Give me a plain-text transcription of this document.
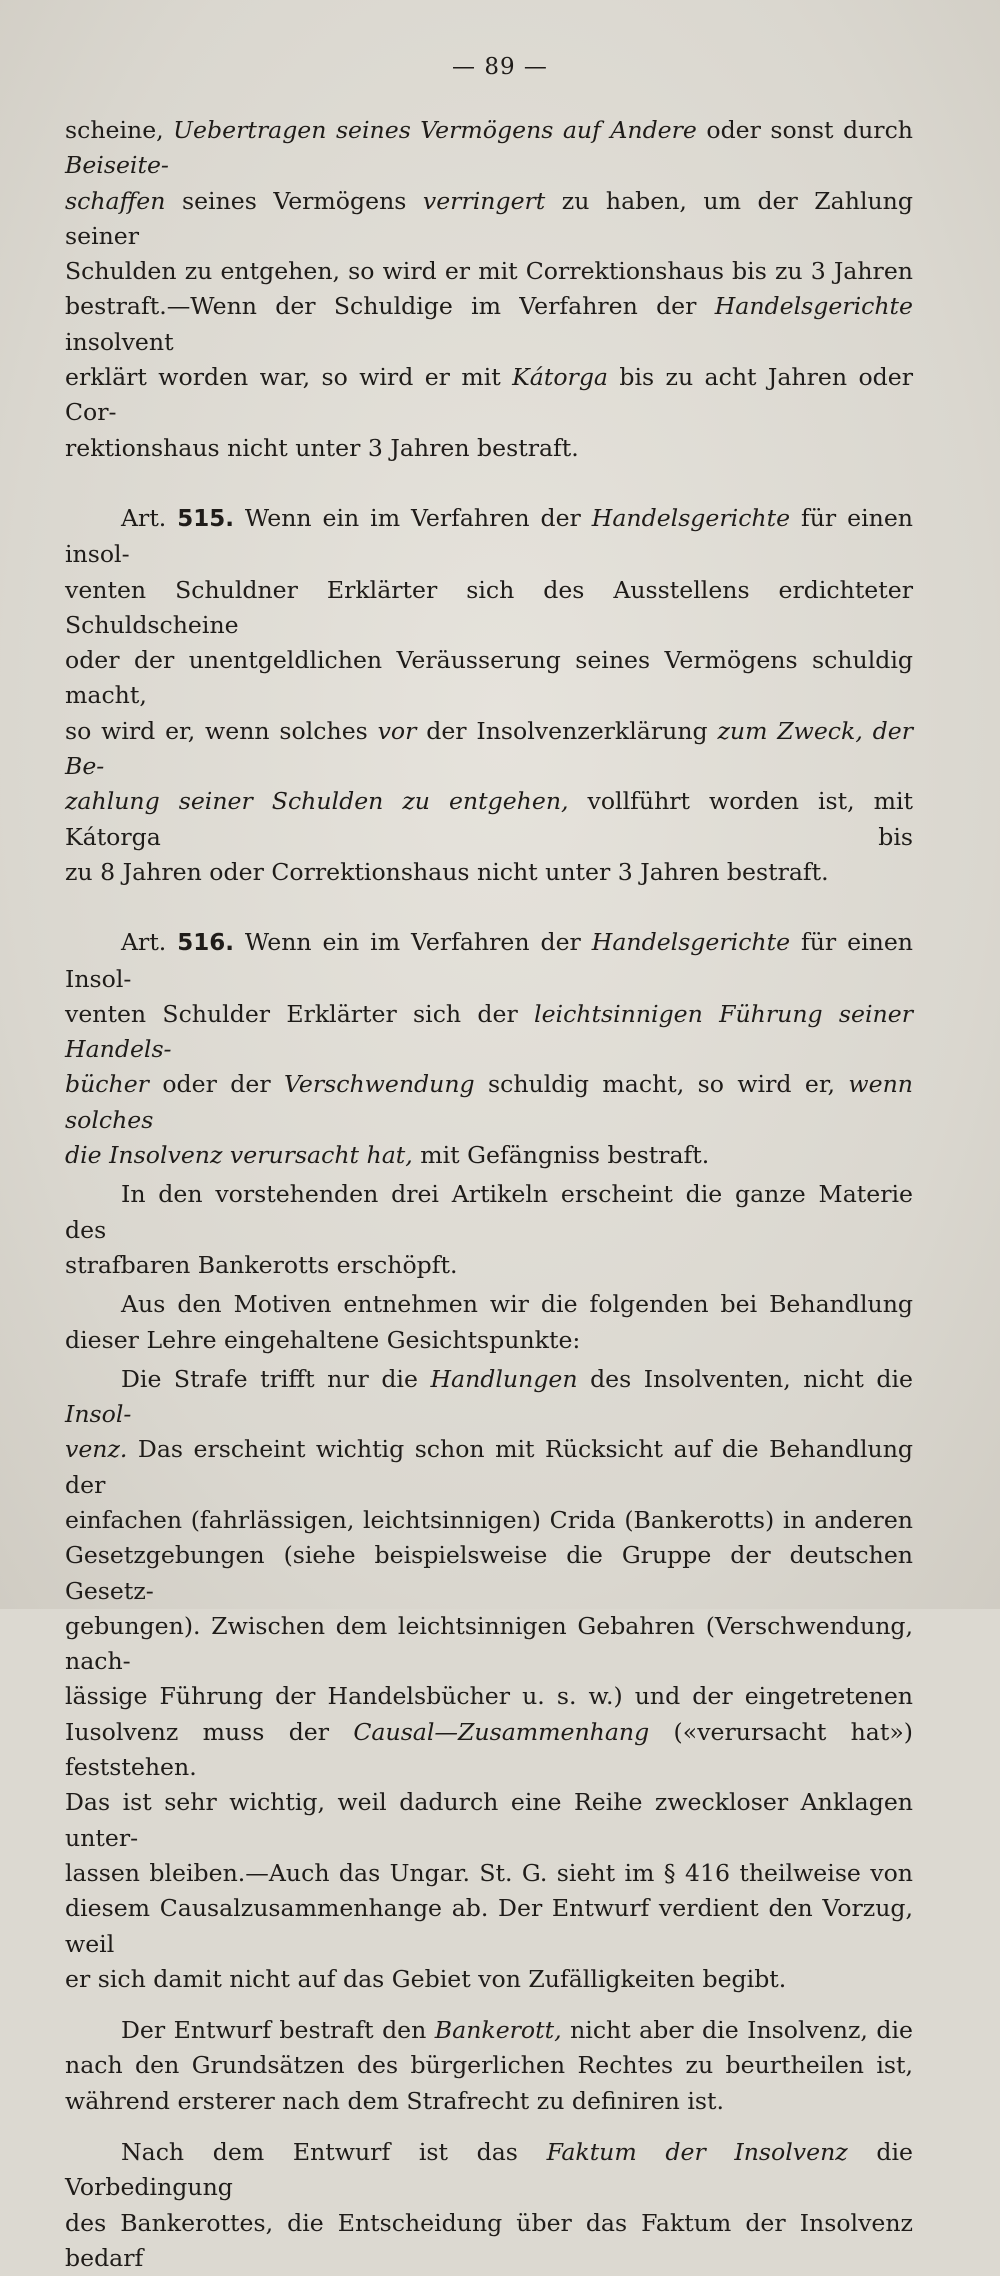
— 89 —

scheine, Uebertragen seines Vermögens auf Andere oder sonst durch Beiseite-

schaffen seines Vermögens verringert zu haben, um der Zahlung seiner

Schulden zu entgehen, so wird er mit Correktionshaus bis zu 3 Jahren

bestraft.—Wenn der Schuldige im Verfahren der Handelsgerichte insolvent

erklärt worden war, so wird er mit Kátorga bis zu acht Jahren oder Cor-

rektionshaus nicht unter 3 Jahren bestraft.

Art. 515. Wenn ein im Verfahren der Handelsgerichte für einen insol-

venten Schuldner Erklärter sich des Ausstellens erdichteter Schuldscheine

oder der unentgeldlichen Veräusserung seines Vermögens schuldig macht,

so wird er, wenn solches vor der Insolvenzerklärung zum Zweck, der Be-

zahlung seiner Schulden zu entgehen, vollführt worden ist, mit Kátorga bis

zu 8 Jahren oder Correktionshaus nicht unter 3 Jahren bestraft.

Art. 516. Wenn ein im Verfahren der Handelsgerichte für einen Insol-

venten Schulder Erklärter sich der leichtsinnigen Führung seiner Handels-

bücher oder der Verschwendung schuldig macht, so wird er, wenn solches

die Insolvenz verursacht hat, mit Gefängniss bestraft.

In den vorstehenden drei Artikeln erscheint die ganze Materie des

strafbaren Bankerotts erschöpft.

Aus den Motiven entnehmen wir die folgenden bei Behandlung

dieser Lehre eingehaltene Gesichtspunkte:

Die Strafe trifft nur die Handlungen des Insolventen, nicht die Insol-

venz. Das erscheint wichtig schon mit Rücksicht auf die Behandlung der

einfachen (fahrlässigen, leichtsinnigen) Crida (Bankerotts) in anderen

Gesetzgebungen (siehe beispielsweise die Gruppe der deutschen Gesetz-

gebungen). Zwischen dem leichtsinnigen Gebahren (Verschwendung, nach-

lässige Führung der Handelsbücher u. s. w.) und der eingetretenen

Iusolvenz muss der Causal—Zusammenhang («verursacht hat») feststehen.

Das ist sehr wichtig, weil dadurch eine Reihe zweckloser Anklagen unter-

lassen bleiben.—Auch das Ungar. St. G. sieht im § 416 theilweise von

diesem Causalzusammenhange ab. Der Entwurf verdient den Vorzug, weil

er sich damit nicht auf das Gebiet von Zufälligkeiten begibt.

Der Entwurf bestraft den Bankerott, nicht aber die Insolvenz, die

nach den Grundsätzen des bürgerlichen Rechtes zu beurtheilen ist,

während ersterer nach dem Strafrecht zu definiren ist.

Nach dem Entwurf ist das Faktum der Insolvenz die Vorbedingung

des Bankerottes, die Entscheidung über das Faktum der Insolvenz bedarf
